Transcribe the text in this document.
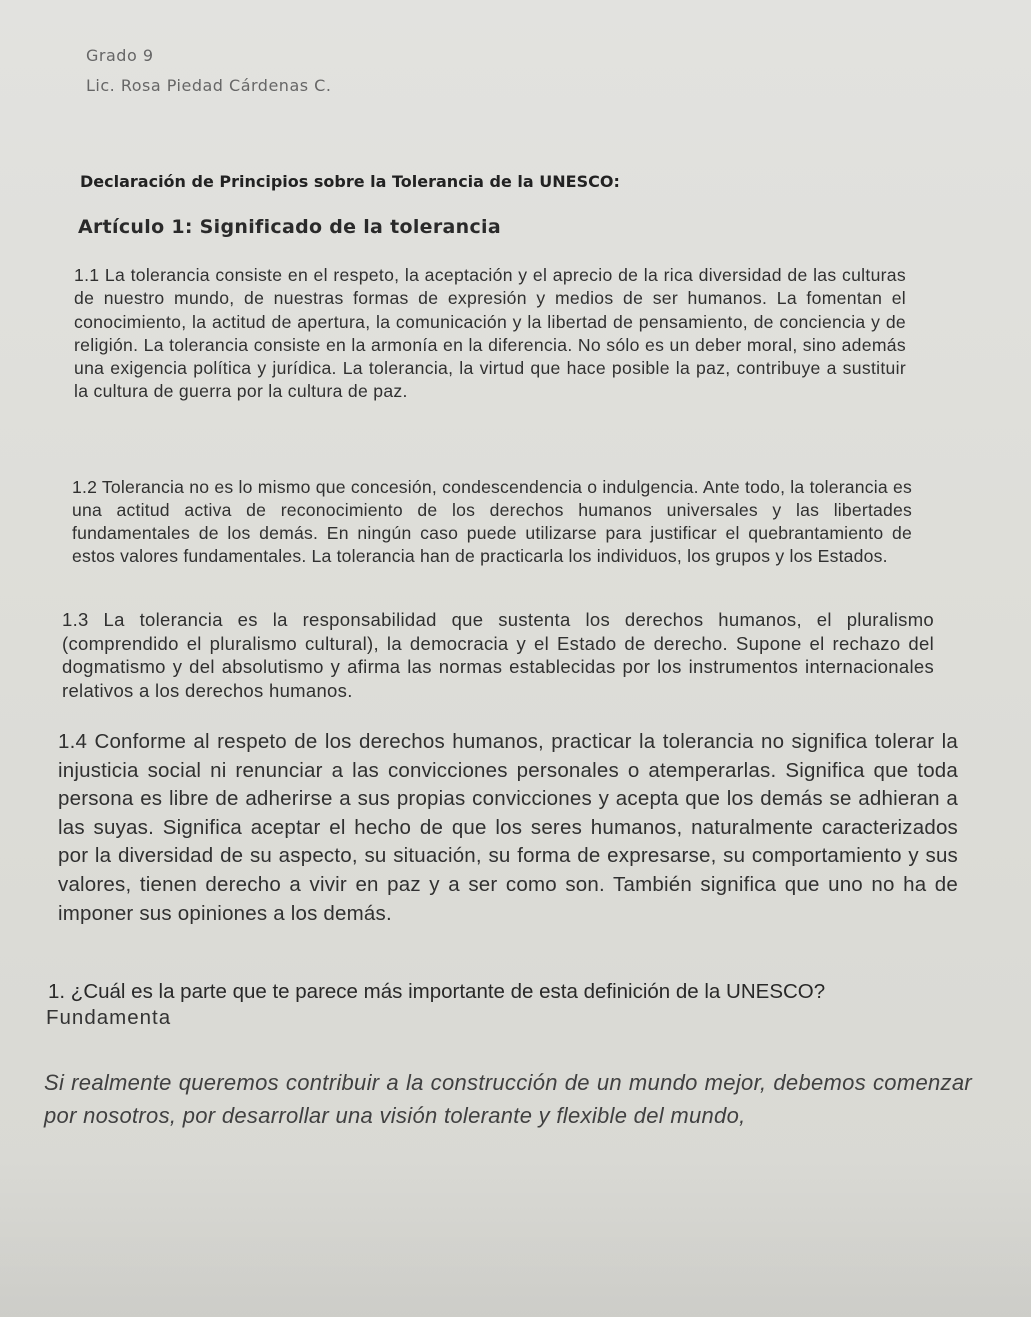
Grado 9
Lic. Rosa Piedad Cárdenas C.
Declaración de Principios sobre la Tolerancia de la UNESCO:
Artículo 1: Significado de la tolerancia

1.1 La tolerancia consiste en el respeto, la aceptación y el aprecio de la rica diversidad de las culturas de nuestro mundo, de nuestras formas de expresión y medios de ser humanos. La fomentan el conocimiento, la actitud de apertura, la comunicación y la libertad de pensamiento, de conciencia y de religión. La tolerancia consiste en la armonía en la diferencia. No sólo es un deber moral, sino además una exigencia política y jurídica. La tolerancia, la virtud que hace posible la paz, contribuye a sustituir la cultura de guerra por la cultura de paz.

1.2 Tolerancia no es lo mismo que concesión, condescendencia o indulgencia. Ante todo, la tolerancia es una actitud activa de reconocimiento de los derechos humanos universales y las libertades fundamentales de los demás. En ningún caso puede utilizarse para justificar el quebrantamiento de estos valores fundamentales. La tolerancia han de practicarla los individuos, los grupos y los Estados.

1.3 La tolerancia es la responsabilidad que sustenta los derechos humanos, el pluralismo (comprendido el pluralismo cultural), la democracia y el Estado de derecho. Supone el rechazo del dogmatismo y del absolutismo y afirma las normas establecidas por los instrumentos internacionales relativos a los derechos humanos.

1.4 Conforme al respeto de los derechos humanos, practicar la tolerancia no significa tolerar la injusticia social ni renunciar a las convicciones personales o atemperarlas. Significa que toda persona es libre de adherirse a sus propias convicciones y acepta que los demás se adhieran a las suyas. Significa aceptar el hecho de que los seres humanos, naturalmente caracterizados por la diversidad de su aspecto, su situación, su forma de expresarse, su comportamiento y sus valores, tienen derecho a vivir en paz y a ser como son. También significa que uno no ha de imponer sus opiniones a los demás.

1. ¿Cuál es la parte que te parece más importante de esta definición de la UNESCO?
Fundamenta

Si realmente queremos contribuir a la construcción de un mundo mejor, debemos comenzar por nosotros, por desarrollar una visión tolerante y flexible del mundo,
